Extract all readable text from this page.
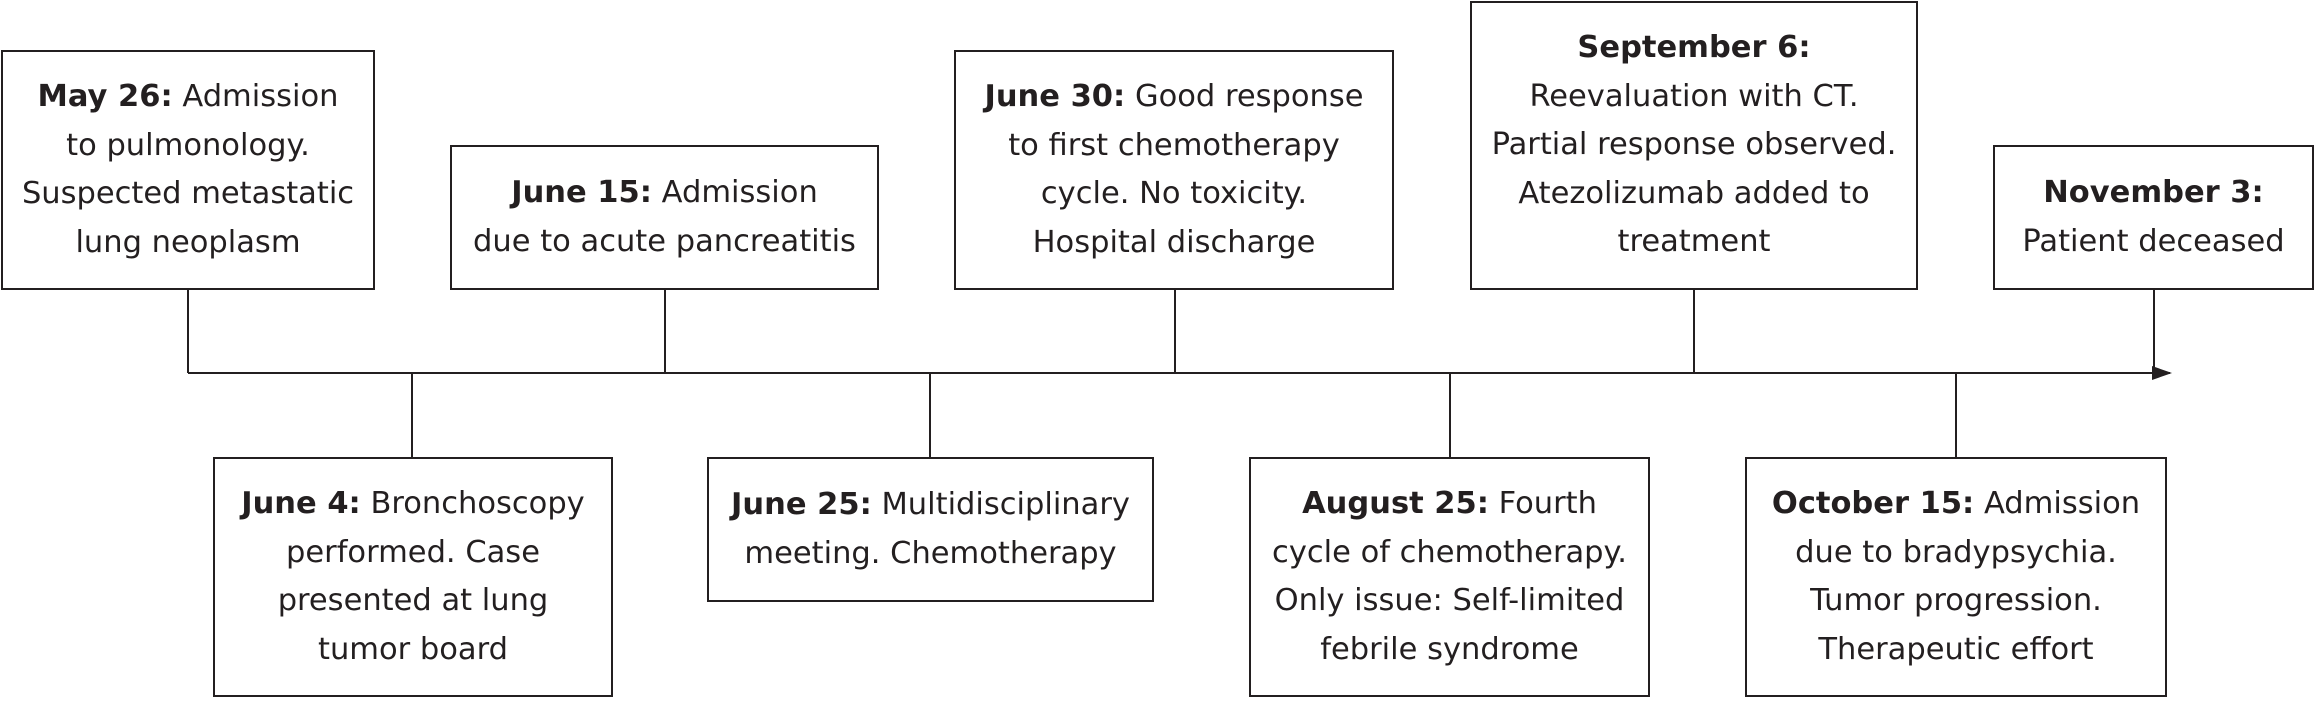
May 26: Admission
to pulmonology.
Suspected metastatic
lung neoplasm
June 4: Bronchoscopy
performed. Case
presented at lung
tumor board
June 15: Admission
due to acute pancreatitis
June 25: Multidisciplinary
meeting. Chemotherapy
June 30: Good response
to first chemotherapy
cycle. No toxicity.
Hospital discharge
August 25: Fourth
cycle of chemotherapy.
Only issue: Self-limited
febrile syndrome
September 6:
Reevaluation with CT.
Partial response observed.
Atezolizumab added to
treatment
October 15: Admission
due to bradypsychia.
Tumor progression.
Therapeutic effort
November 3:
Patient deceased
